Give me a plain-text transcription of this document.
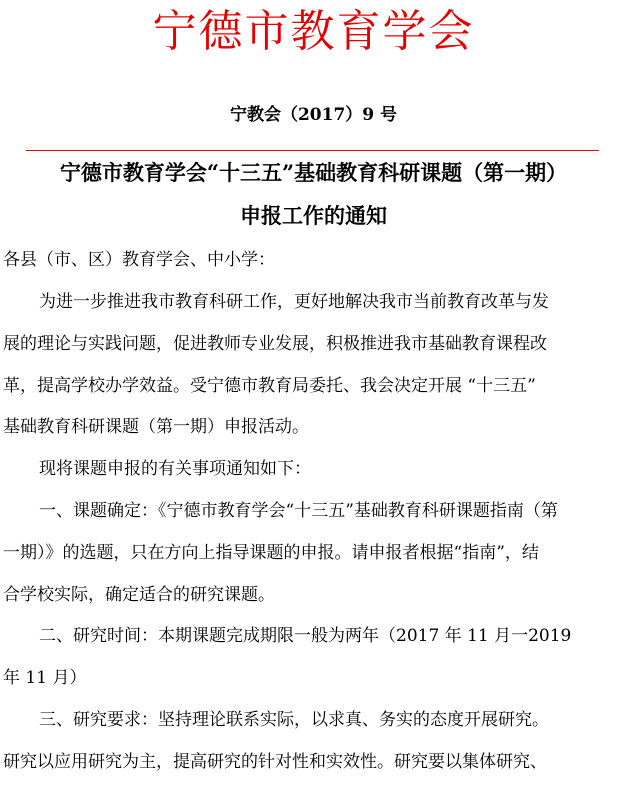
宁德市教育学会
宁教会（2017）9 号
宁德市教育学会“十三五”基础教育科研课题（第一期）
申报工作的通知
各县（市、区）教育学会、中小学：
为进一步推进我市教育科研工作，更好地解决我市当前教育改革与发
展的理论与实践问题，促进教师专业发展，积极推进我市基础教育课程改
革，提高学校办学效益。受宁德市教育局委托、我会决定开展 “十三五”
基础教育科研课题（第一期）申报活动。
现将课题申报的有关事项通知如下：
一、课题确定：《宁德市教育学会“十三五”基础教育科研课题指南（第
一期）》的选题，只在方向上指导课题的申报。请申报者根据“指南”，结
合学校实际，确定适合的研究课题。
二、研究时间：本期课题完成期限一般为两年（2017 年 11 月一2019
年 11 月）
三、研究要求：坚持理论联系实际，以求真、务实的态度开展研究。
研究以应用研究为主，提高研究的针对性和实效性。研究要以集体研究、
